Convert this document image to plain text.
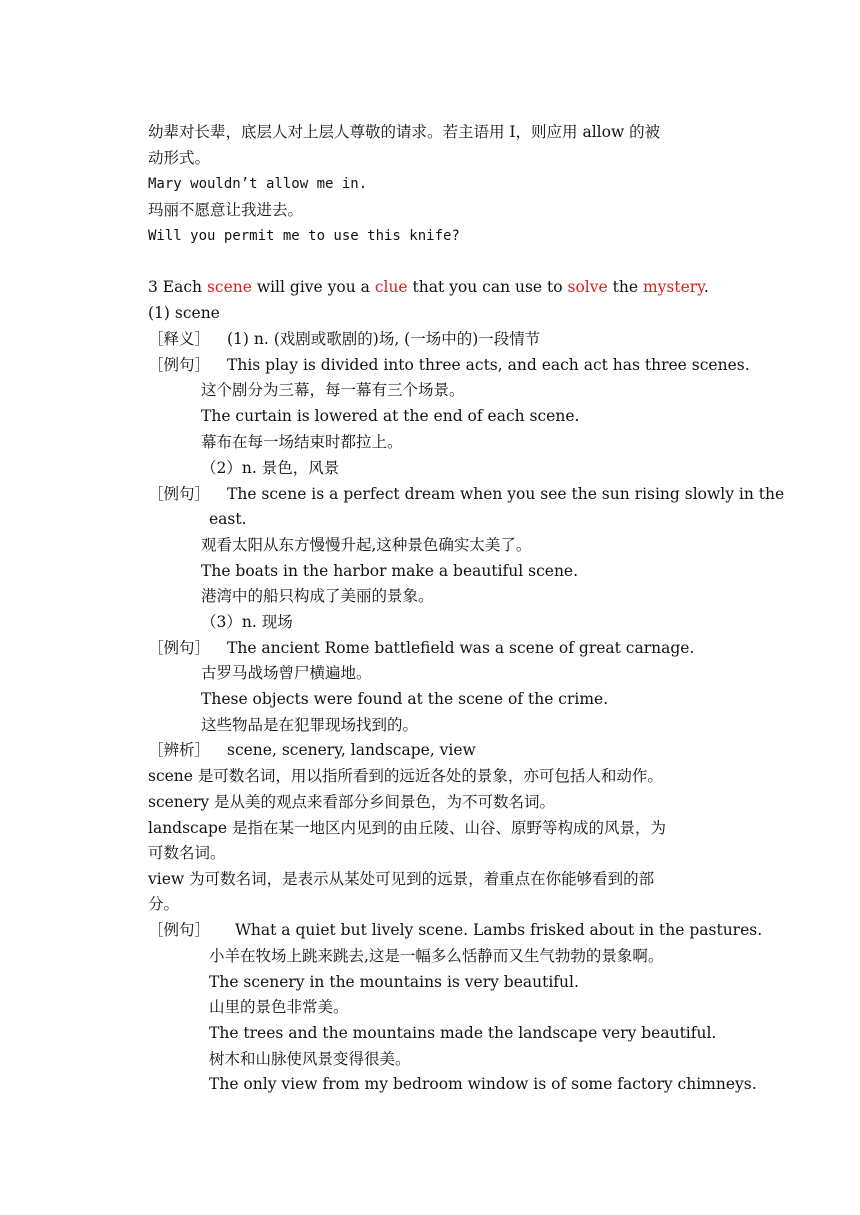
幼辈对长辈，底层人对上层人尊敬的请求。若主语用 I，则应用 allow 的被
动形式。
Mary wouldn’t allow me in.
玛丽不愿意让我进去。
Will you permit me to use this knife?
3 Each scene will give you a clue that you can use to solve the mystery.
(1) scene
［释义］ (1) n. (戏剧或歌剧的)场, (一场中的)一段情节
［例句］ This play is divided into three acts, and each act has three scenes.
这个剧分为三幕，每一幕有三个场景。
The curtain is lowered at the end of each scene.
幕布在每一场结束时都拉上。
（2）n. 景色，风景
［例句］ The scene is a perfect dream when you see the sun rising slowly in the
east.
观看太阳从东方慢慢升起,这种景色确实太美了。
The boats in the harbor make a beautiful scene.
港湾中的船只构成了美丽的景象。
（3）n. 现场
［例句］ The ancient Rome battlefield was a scene of great carnage.
古罗马战场曾尸横遍地。
These objects were found at the scene of the crime.
这些物品是在犯罪现场找到的。
［辨析］ scene, scenery, landscape, view
scene 是可数名词，用以指所看到的远近各处的景象，亦可包括人和动作。
scenery 是从美的观点来看部分乡间景色，为不可数名词。
landscape 是指在某一地区内见到的由丘陵、山谷、原野等构成的风景，为
可数名词。
view 为可数名词，是表示从某处可见到的远景，着重点在你能够看到的部
分。
［例句］ What a quiet but lively scene. Lambs frisked about in the pastures.
小羊在牧场上跳来跳去,这是一幅多么恬静而又生气勃勃的景象啊。
The scenery in the mountains is very beautiful.
山里的景色非常美。
The trees and the mountains made the landscape very beautiful.
树木和山脉使风景变得很美。
The only view from my bedroom window is of some factory chimneys.
